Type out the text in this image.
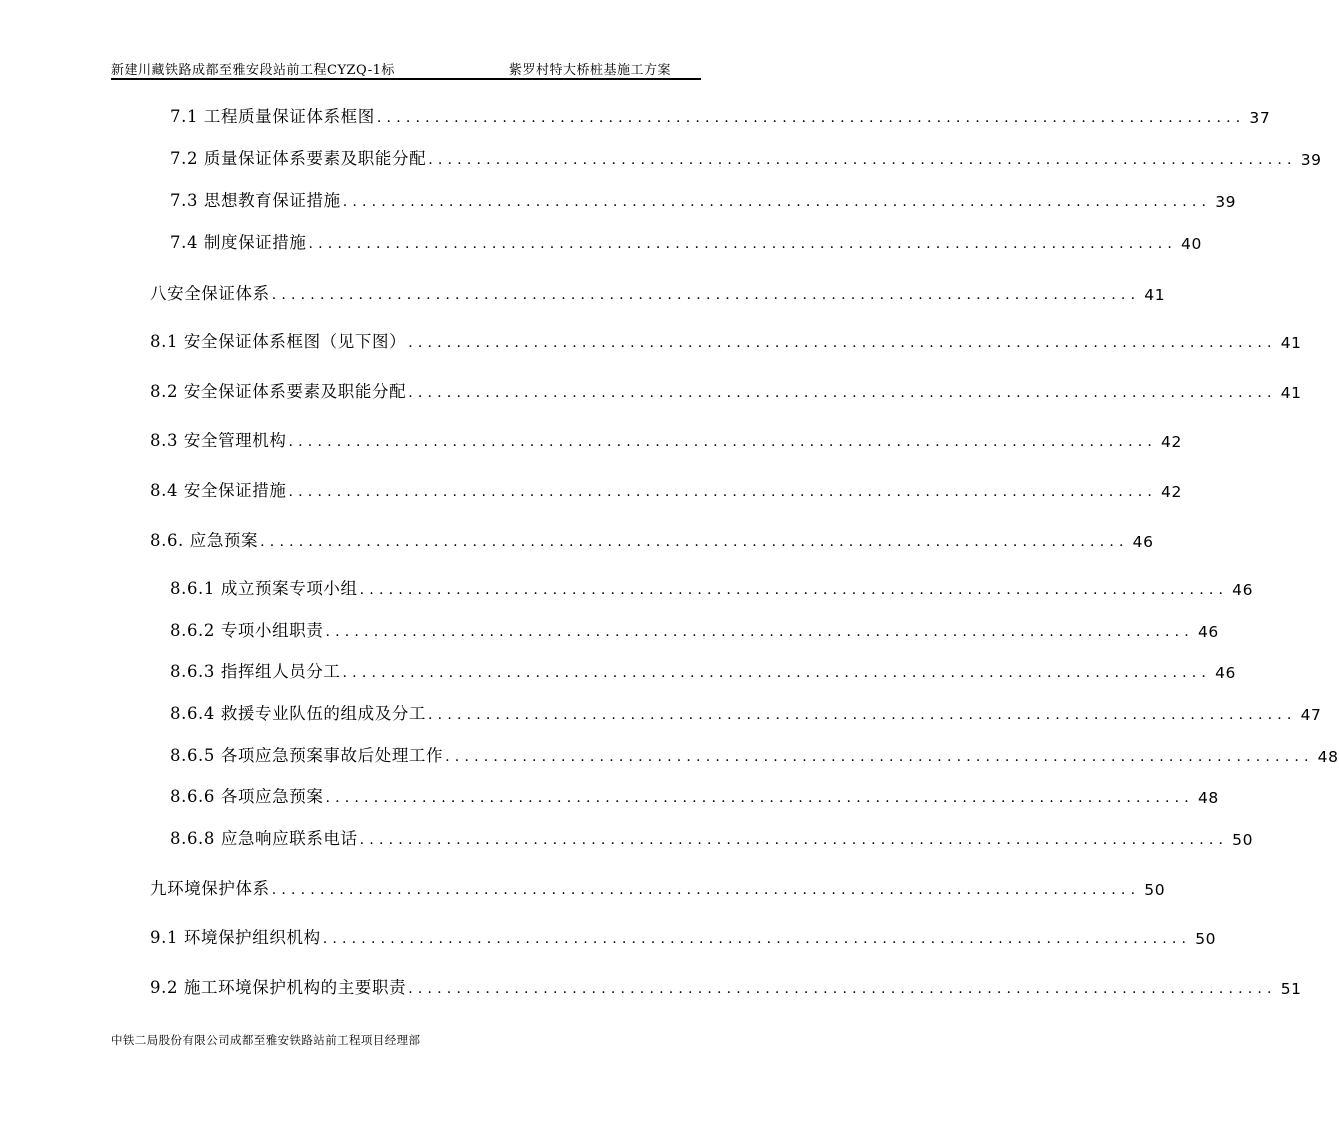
新建川藏铁路成都至雅安段站前工程CYZQ-1标	紫罗村特大桥桩基施工方案
7.1 工程质量保证体系框图 .......................................................................................... 37
7.2 质量保证体系要素及职能分配 .......................................................................................... 39
7.3 思想教育保证措施 .......................................................................................... 39
7.4 制度保证措施 .......................................................................................... 40
八安全保证体系 .......................................................................................... 41
8.1 安全保证体系框图（见下图） .......................................................................................... 41
8.2 安全保证体系要素及职能分配 .......................................................................................... 41
8.3 安全管理机构 .......................................................................................... 42
8.4 安全保证措施 .......................................................................................... 42
8.6. 应急预案 .......................................................................................... 46
8.6.1 成立预案专项小组 .......................................................................................... 46
8.6.2 专项小组职责 .......................................................................................... 46
8.6.3 指挥组人员分工 .......................................................................................... 46
8.6.4 救援专业队伍的组成及分工 .......................................................................................... 47
8.6.5 各项应急预案事故后处理工作 .......................................................................................... 48
8.6.6 各项应急预案 .......................................................................................... 48
8.6.8 应急响应联系电话 .......................................................................................... 50
九环境保护体系 .......................................................................................... 50
9.1 环境保护组织机构 .......................................................................................... 50
9.2 施工环境保护机构的主要职责 .......................................................................................... 51
中铁二局股份有限公司成都至雅安铁路站前工程项目经理部
